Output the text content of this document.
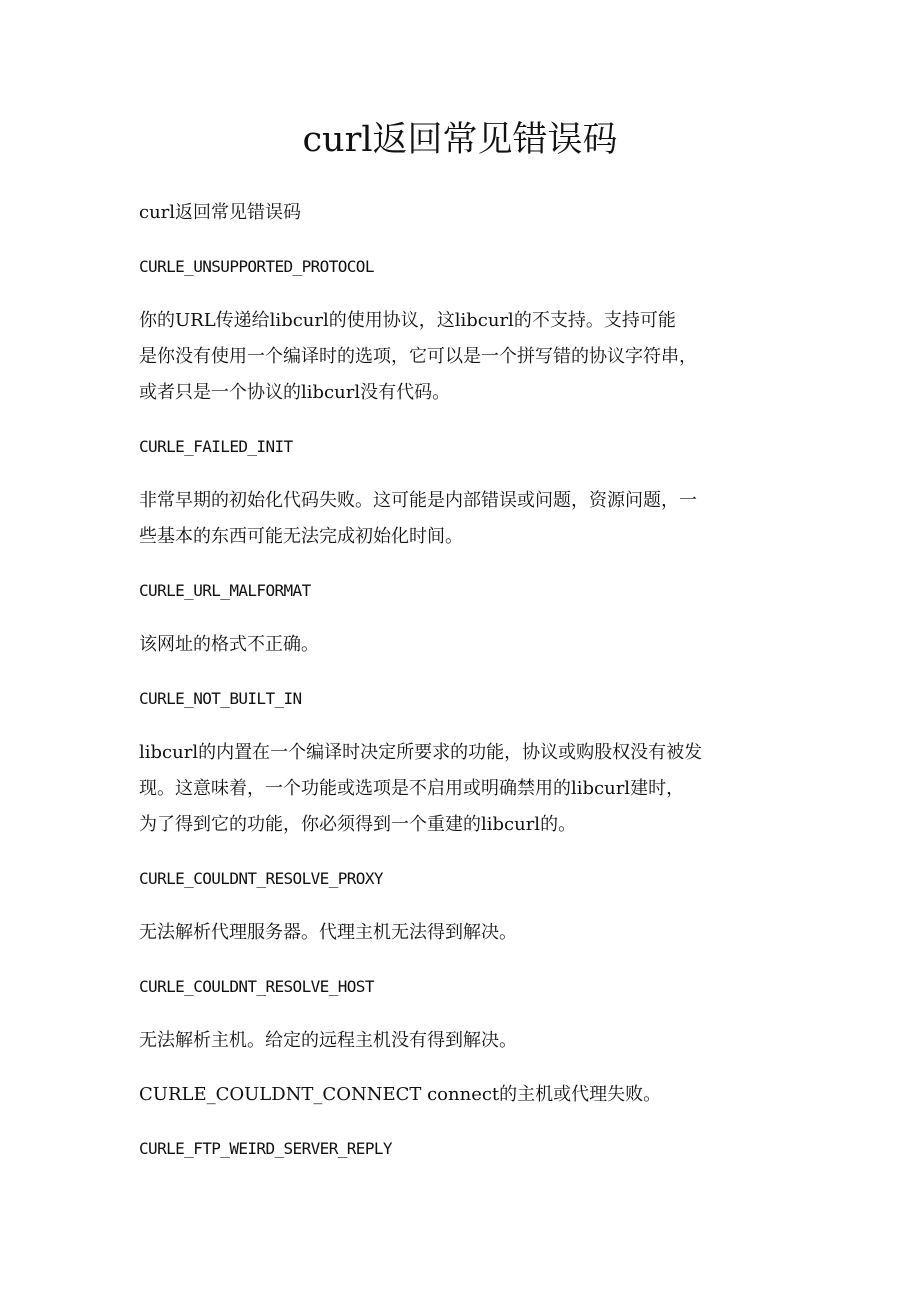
curl返回常见错误码

curl返回常见错误码

CURLE_UNSUPPORTED_PROTOCOL

你的URL传递给libcurl的使用协议，这libcurl的不支持。支持可能
是你没有使用一个编译时的选项，它可以是一个拼写错的协议字符串，
或者只是一个协议的libcurl没有代码。

CURLE_FAILED_INIT

非常早期的初始化代码失败。这可能是内部错误或问题，资源问题，一
些基本的东西可能无法完成初始化时间。

CURLE_URL_MALFORMAT

该网址的格式不正确。

CURLE_NOT_BUILT_IN

libcurl的内置在一个编译时决定所要求的功能，协议或购股权没有被发
现。这意味着，一个功能或选项是不启用或明确禁用的libcurl建时，
为了得到它的功能，你必须得到一个重建的libcurl的。

CURLE_COULDNT_RESOLVE_PROXY

无法解析代理服务器。代理主机无法得到解决。

CURLE_COULDNT_RESOLVE_HOST

无法解析主机。给定的远程主机没有得到解决。

CURLE_COULDNT_CONNECT connect的主机或代理失败。

CURLE_FTP_WEIRD_SERVER_REPLY
